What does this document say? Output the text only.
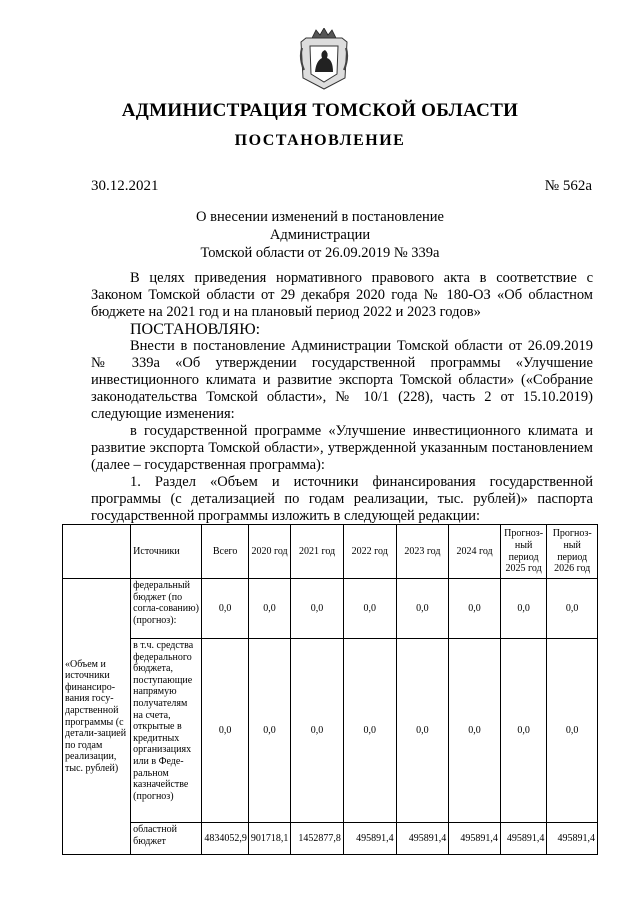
АДМИНИСТРАЦИЯ ТОМСКОЙ ОБЛАСТИ
ПОСТАНОВЛЕНИЕ
30.12.2021	№ 562а
О внесении изменений в постановление Администрации
Томской области от 26.09.2019 № 339а

В целях приведения нормативного правового акта в соответствие с Законом Томской области от 29 декабря 2020 года № 180-ОЗ «Об областном бюджете на 2021 год и на плановый период 2022 и 2023 годов»

ПОСТАНОВЛЯЮ:

Внести в постановление Администрации Томской области от 26.09.2019 № 339а «Об утверждении государственной программы «Улучшение инвестиционного климата и развитие экспорта Томской области» («Собрание законодательства Томской области», № 10/1 (228), часть 2 от 15.10.2019) следующие изменения:

в государственной программе «Улучшение инвестиционного климата и развитие экспорта Томской области», утвержденной указанным постановлением (далее – государственная программа):

1. Раздел «Объем и источники финансирования государственной программы (с детализацией по годам реализации, тыс. рублей)» паспорта государственной программы изложить в следующей редакции:

	Источники	Всего	2020 год	2021 год	2022 год	2023 год	2024 год	Прогноз-ный период 2025 год	Прогноз-ный период 2026 год
«Объем и источники финансиро-вания госу-дарственной программы (с детали-зацией по годам реализации, тыс. рублей)	федеральный бюджет (по согла-сованию) (прогноз):	0,0	0,0	0,0	0,0	0,0	0,0	0,0	0,0
	в т.ч. средства федерального бюджета, поступающие напрямую получателям на счета, открытые в кредитных организациях или в Феде-ральном казначействе (прогноз)	0,0	0,0	0,0	0,0	0,0	0,0	0,0	0,0
	областной бюджет	4834052,9	901718,1	1452877,8	495891,4	495891,4	495891,4	495891,4	495891,4
